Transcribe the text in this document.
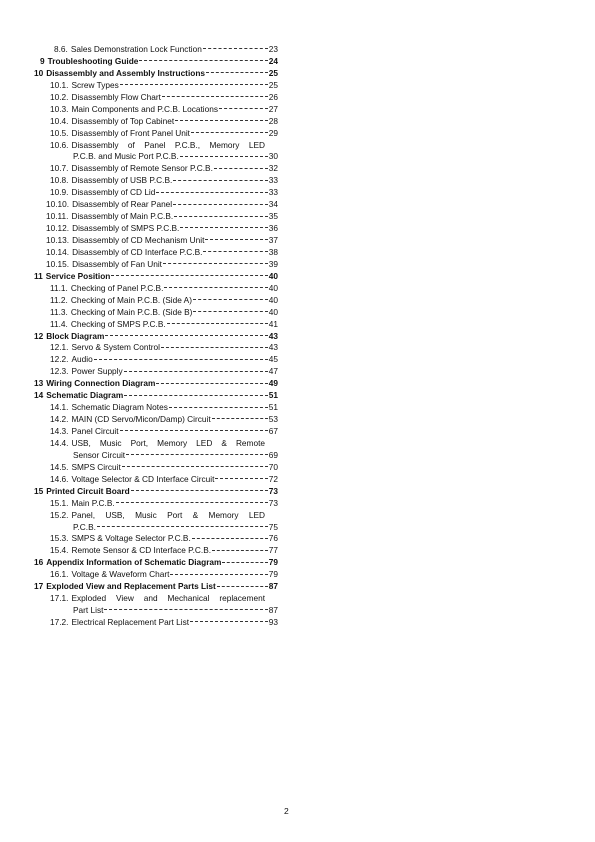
8.6. Sales Demonstration Lock Function	23
9 Troubleshooting Guide	24
10 Disassembly and Assembly Instructions	25
10.1. Screw Types	25
10.2. Disassembly Flow Chart	26
10.3. Main Components and P.C.B. Locations	27
10.4. Disassembly of Top Cabinet	28
10.5. Disassembly of Front Panel Unit	29
10.6. Disassembly of Panel P.C.B., Memory LED
P.C.B. and Music Port P.C.B.	30
10.7. Disassembly of Remote Sensor P.C.B.	32
10.8. Disassembly of USB P.C.B.	33
10.9. Disassembly of CD Lid	33
10.10. Disassembly of Rear Panel	34
10.11. Disassembly of Main P.C.B.	35
10.12. Disassembly of SMPS P.C.B.	36
10.13. Disassembly of CD Mechanism Unit	37
10.14. Disassembly of CD Interface P.C.B.	38
10.15. Disassembly of Fan Unit	39
11 Service Position	40
11.1. Checking of Panel P.C.B.	40
11.2. Checking of Main P.C.B. (Side A)	40
11.3. Checking of Main P.C.B. (Side B)	40
11.4. Checking of SMPS P.C.B.	41
12 Block Diagram	43
12.1. Servo & System Control	43
12.2. Audio	45
12.3. Power Supply	47
13 Wiring Connection Diagram	49
14 Schematic Diagram	51
14.1. Schematic Diagram Notes	51
14.2. MAIN (CD Servo/Micon/Damp) Circuit	53
14.3. Panel Circuit	67
14.4. USB, Music Port, Memory LED & Remote
Sensor Circuit	69
14.5. SMPS Circuit	70
14.6. Voltage Selector & CD Interface Circuit	72
15 Printed Circuit Board	73
15.1. Main P.C.B.	73
15.2. Panel, USB, Music Port & Memory LED
P.C.B.	75
15.3. SMPS & Voltage Selector P.C.B.	76
15.4. Remote Sensor & CD Interface P.C.B.	77
16 Appendix Information of Schematic Diagram	79
16.1. Voltage & Waveform Chart	79
17 Exploded View and Replacement Parts List	87
17.1. Exploded View and Mechanical replacement
Part List	87
17.2. Electrical Replacement Part List	93
2
